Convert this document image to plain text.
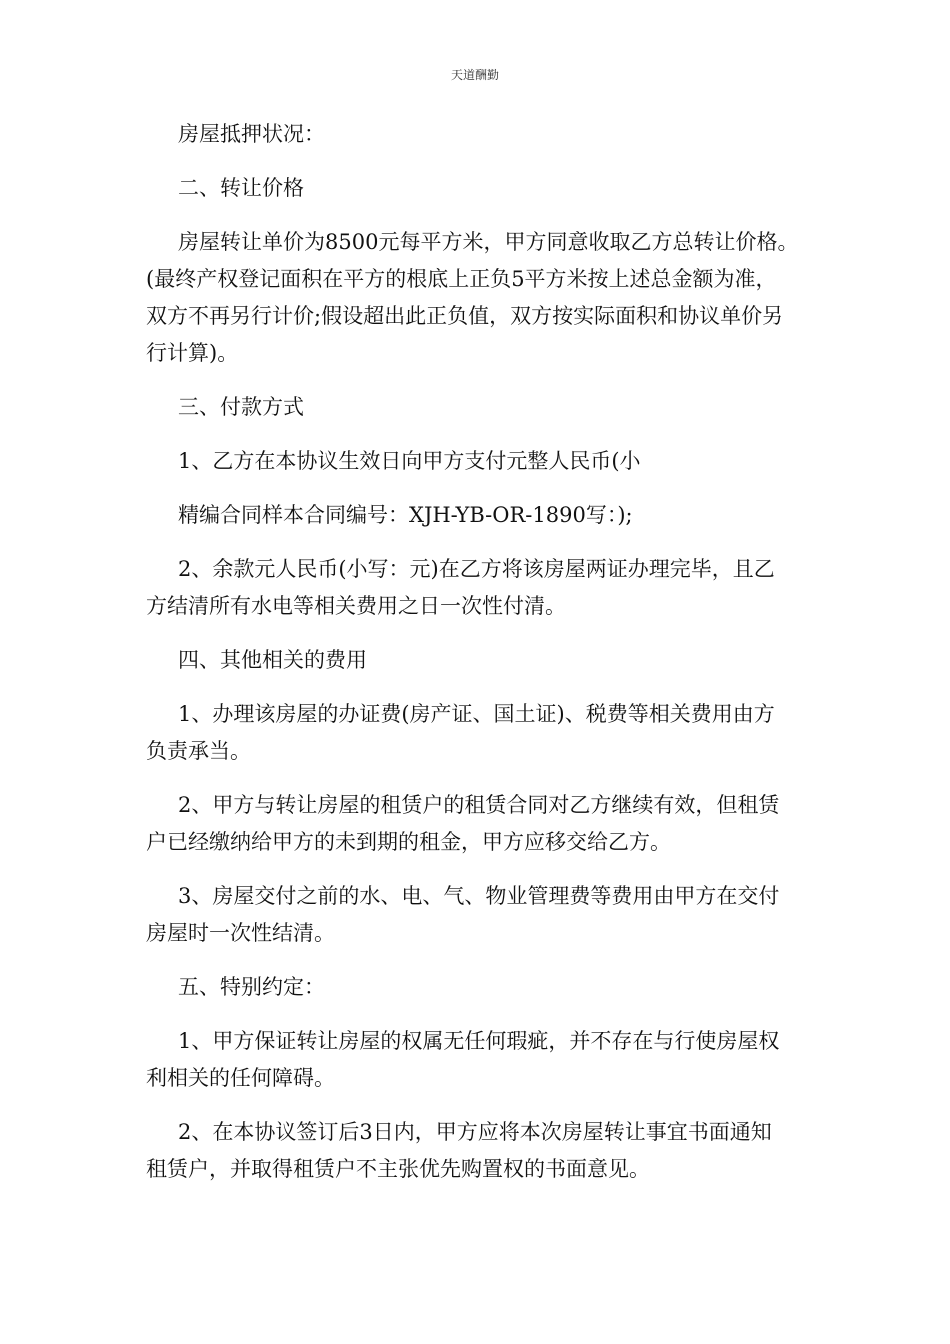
天道酬勤
房屋抵押状况：
二、转让价格
房屋转让单价为8500元每平方米，甲方同意收取乙方总转让价格。
(最终产权登记面积在平方的根底上正负5平方米按上述总金额为准，
双方不再另行计价;假设超出此正负值，双方按实际面积和协议单价另
行计算)。
三、付款方式
1、乙方在本协议生效日向甲方支付元整人民币(小
精编合同样本合同编号：XJH-YB-OR-1890写：);
2、余款元人民币(小写：元)在乙方将该房屋两证办理完毕，且乙
方结清所有水电等相关费用之日一次性付清。
四、其他相关的费用
1、办理该房屋的办证费(房产证、国土证)、税费等相关费用由方
负责承当。
2、甲方与转让房屋的租赁户的租赁合同对乙方继续有效，但租赁
户已经缴纳给甲方的未到期的租金，甲方应移交给乙方。
3、房屋交付之前的水、电、气、物业管理费等费用由甲方在交付
房屋时一次性结清。
五、特别约定：
1、甲方保证转让房屋的权属无任何瑕疵，并不存在与行使房屋权
利相关的任何障碍。
2、在本协议签订后3日内，甲方应将本次房屋转让事宜书面通知
租赁户，并取得租赁户不主张优先购置权的书面意见。
